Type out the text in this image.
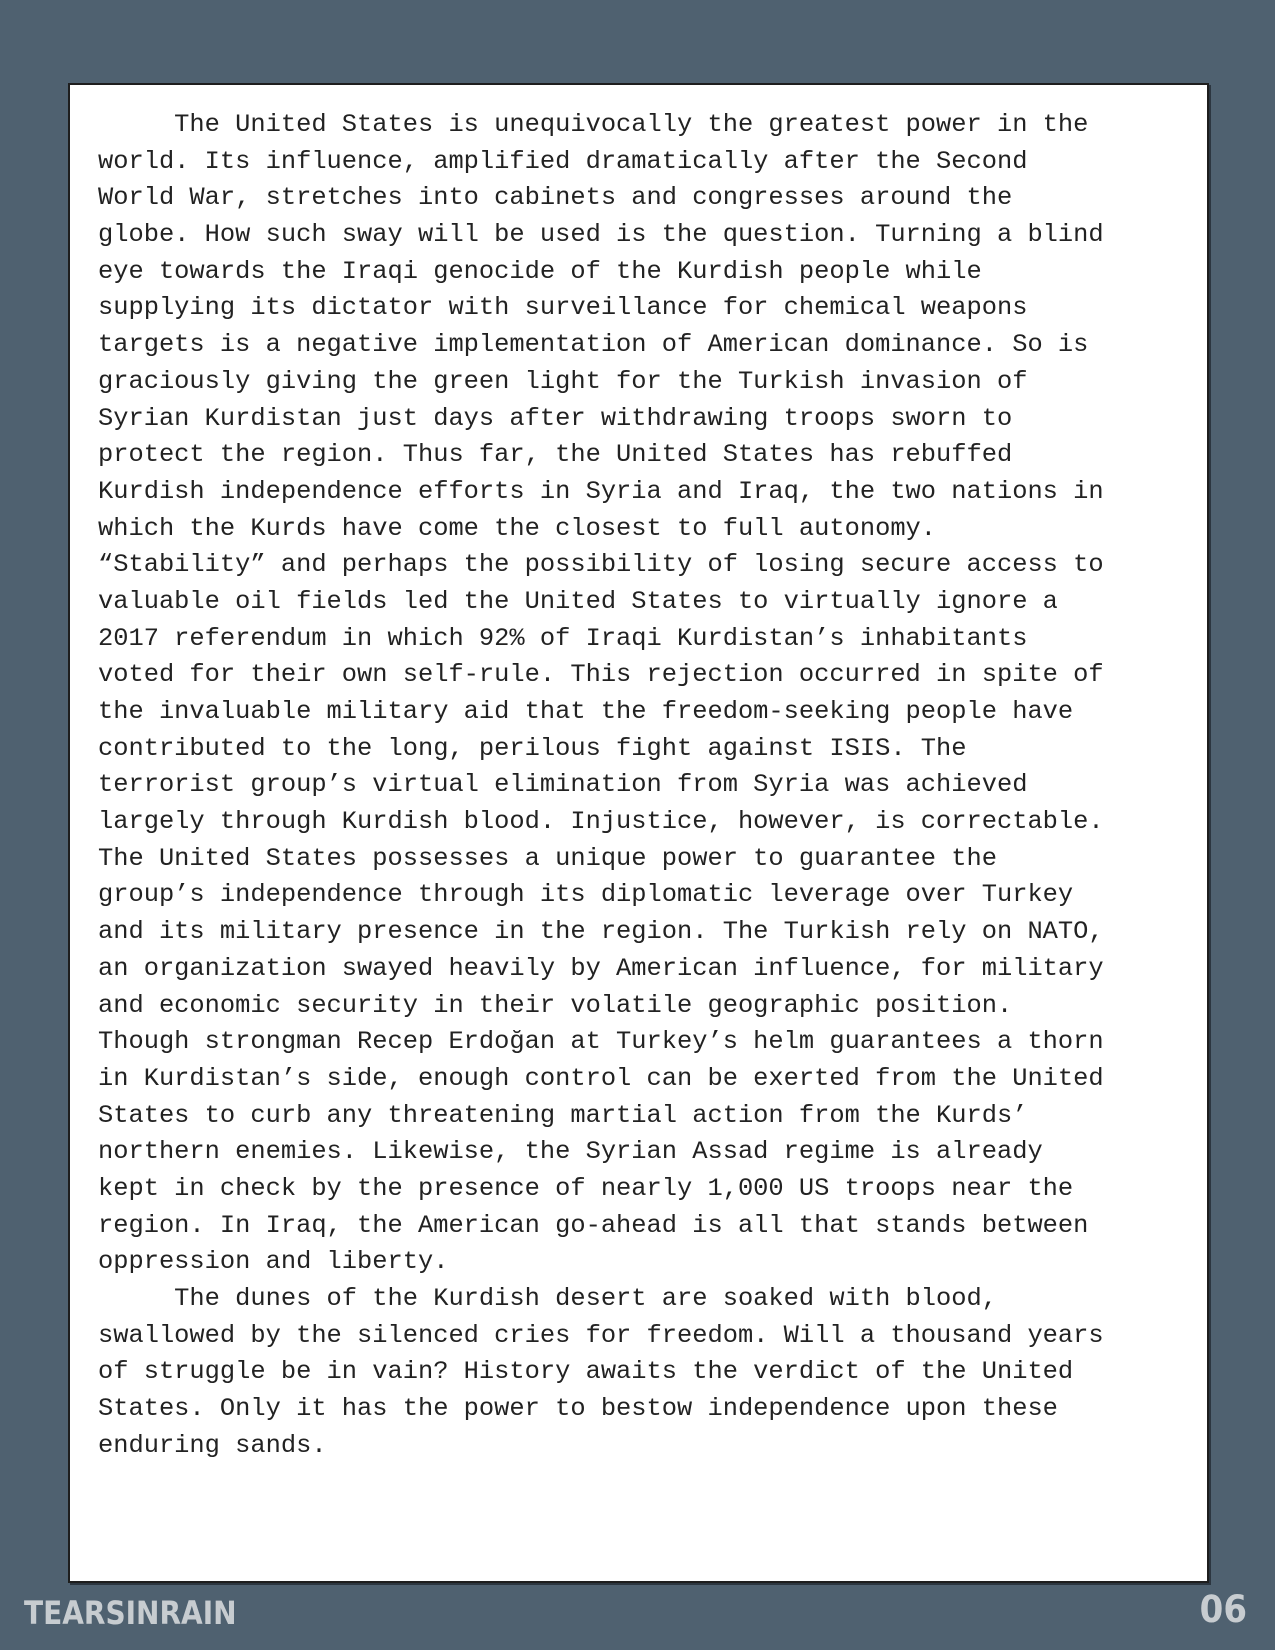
The United States is unequivocally the greatest power in the
world. Its influence, amplified dramatically after the Second
World War, stretches into cabinets and congresses around the
globe. How such sway will be used is the question. Turning a blind
eye towards the Iraqi genocide of the Kurdish people while
supplying its dictator with surveillance for chemical weapons
targets is a negative implementation of American dominance. So is
graciously giving the green light for the Turkish invasion of
Syrian Kurdistan just days after withdrawing troops sworn to
protect the region. Thus far, the United States has rebuffed
Kurdish independence efforts in Syria and Iraq, the two nations in
which the Kurds have come the closest to full autonomy.
“Stability” and perhaps the possibility of losing secure access to
valuable oil fields led the United States to virtually ignore a
2017 referendum in which 92% of Iraqi Kurdistan’s inhabitants
voted for their own self-rule. This rejection occurred in spite of
the invaluable military aid that the freedom-seeking people have
contributed to the long, perilous fight against ISIS. The
terrorist group’s virtual elimination from Syria was achieved
largely through Kurdish blood. Injustice, however, is correctable.
The United States possesses a unique power to guarantee the
group’s independence through its diplomatic leverage over Turkey
and its military presence in the region. The Turkish rely on NATO,
an organization swayed heavily by American influence, for military
and economic security in their volatile geographic position.
Though strongman Recep Erdoğan at Turkey’s helm guarantees a thorn
in Kurdistan’s side, enough control can be exerted from the United
States to curb any threatening martial action from the Kurds’
northern enemies. Likewise, the Syrian Assad regime is already
kept in check by the presence of nearly 1,000 US troops near the
region. In Iraq, the American go-ahead is all that stands between
oppression and liberty.
The dunes of the Kurdish desert are soaked with blood,
swallowed by the silenced cries for freedom. Will a thousand years
of struggle be in vain? History awaits the verdict of the United
States. Only it has the power to bestow independence upon these
enduring sands.
TEARSINRAIN	06
